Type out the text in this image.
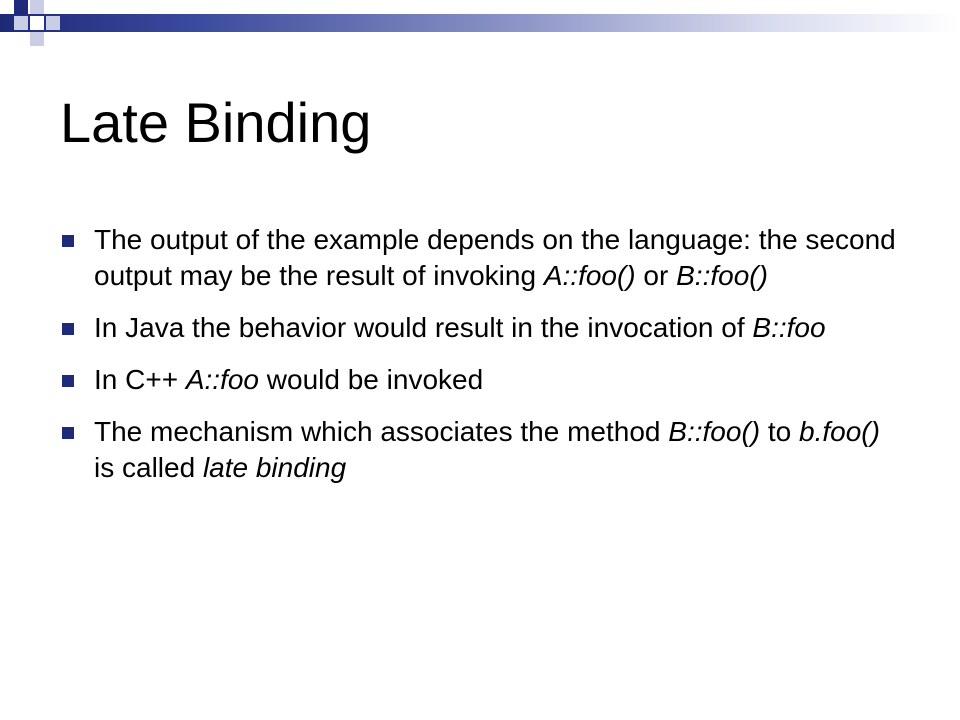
Late Binding
The output of the example depends on the language: the second output may be the result of invoking A::foo() or B::foo()
In Java the behavior would result in the invocation of B::foo
In C++ A::foo would be invoked
The mechanism which associates the method B::foo() to b.foo() is called late binding
